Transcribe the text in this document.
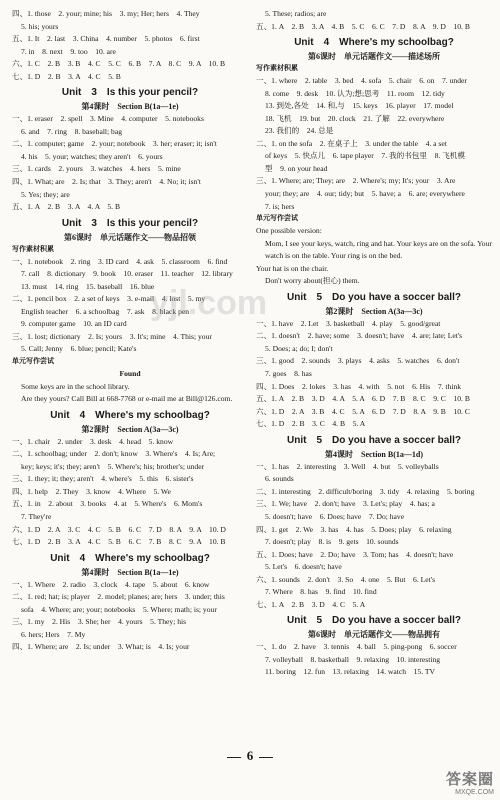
四、1. those　2. your; mine; his　3. my; Her; hers　4. They
5. his; yours
五、1. It　2. last　3. China　4. number　5. photos　6. first
7. in　8. next　9. too　10. are
六、1. C　2. B　3. B　4. C　5. C　6. B　7. A　8. C　9. A　10. B
七、1. D　2. B　3. A　4. C　5. B
Unit　3　Is this your pencil?
第4课时　Section B(1a—1e)
一、1. eraser　2. spell　3. Mine　4. computer　5. notebooks
6. and　7. ring　8. baseball; bag
二、1. computer; game　2. your; notebook　3. her; eraser; it; isn't
4. his　5. your; watches; they aren't　6. yours
三、1. cards　2. yours　3. watches　4. hers　5. mine
四、1. What; are　2. Is; that　3. They; aren't　4. No; it; isn't
5. Yes; they; are
五、1. A　2. B　3. A　4. A　5. B
Unit　3　Is this your pencil?
第6课时　单元话题作文——物品招领
写作素材积累
一、1. notebook　2. ring　3. ID card　4. ask　5. classroom　6. find
7. call　8. dictionary　9. book　10. eraser　11. teacher　12. library
13. must　14. ring　15. baseball　16. blue
二、1. pencil box　2. a set of keys　3. e-mail　4. lost　5. my
English teacher　6. a schoolbag　7. ask　8. black pen
9. computer game　10. an ID card
三、1. lost; dictionary　2. Is; yours　3. It's; mine　4. This; your
5. Call; Jenny　6. blue; pencil; Kate's
单元写作尝试
Found
Some keys are in the school library.
Are they yours? Call Bill at 668-7768 or e-mail me at Bill@126.com.
Unit　4　Where's my schoolbag?
第2课时　Section A(3a—3c)
一、1. chair　2. under　3. desk　4. head　5. know
二、1. schoolbag; under　2. don't; know　3. Where's　4. Is; Are;
key; keys; it's; they; aren't　5. Where's; his; brother's; under
三、1. they; it; they; aren't　4. where's　5. this　6. sister's
四、1. help　2. They　3. know　4. Where　5. We
五、1. in　2. about　3. books　4. at　5. Where's　6. Mom's
7. They're
六、1. D　2. A　3. C　4. C　5. B　6. C　7. D　8. A　9. A　10. D
七、1. D　2. B　3. A　4. C　5. B　6. C　7. B　8. C　9. A　10. B
Unit　4　Where's my schoolbag?
第4课时　Section B(1a—1e)
一、1. Where　2. radio　3. clock　4. tape　5. about　6. know
二、1. red; hat; is; player　2. model; planes; are; hers　3. under; this
sofa　4. Where; are; your; notebooks　5. Where; math; is; your
三、1. my　2. His　3. She; her　4. yours　5. They; his
6. hers; Hers　7. My
四、1. Where; are　2. Is; under　3. What; is　4. Is; your
5. These; radios; are
五、1. A　2. B　3. A　4. B　5. C　6. C　7. D　8. A　9. D　10. B
Unit　4　Where's my schoolbag?
第6课时　单元话题作文——描述场所
写作素材积累
一、1. where　2. table　3. bed　4. sofa　5. chair　6. on　7. under
8. come　9. desk　10. 认为;想;思考　11. room　12. tidy
13. 到处,各处　14. 和,与　15. keys　16. player　17. model
18. 飞机　19. but　20. clock　21. 了解　22. everywhere
23. 我们的　24. 总是
二、1. on the sofa　2. 在桌子上　3. under the table　4. a set
of keys　5. 快点儿　6. tape player　7. 我的书包里　8. 飞机模
型　9. on your head
三、1. Where; are; They; are　2. Where's; my; It's; your　3. Are
your; they; are　4. our; tidy; but　5. have; a　6. are; everywhere
7. is; hers
单元写作尝试
One possible version:
Mom, I see your keys, watch, ring and hat. Your keys are on the sofa. Your watch is on the table. Your ring is on the bed.
Your hat is on the chair.
Don't worry about(担心) them.
Unit　5　Do you have a soccer ball?
第2课时　Section A(3a—3c)
一、1. have　2. Let　3. basketball　4. play　5. good/great
二、1. doesn't　2. have; some　3. doesn't; have　4. are; late; Let's
5. Does; a; do; I; don't
三、1. good　2. sounds　3. plays　4. asks　5. watches　6. don't
7. goes　8. has
四、1. Does　2. lokes　3. has　4. with　5. not　6. His　7. think
五、1. A　2. B　3. D　4. A　5. A　6. D　7. B　8. C　9. C　10. B
六、1. D　2. A　3. B　4. C　5. A　6. D　7. D　8. A　9. B　10. C
七、1. D　2. B　3. C　4. B　5. A
Unit　5　Do you have a soccer ball?
第4课时　Section B(1a—1d)
一、1. has　2. interesting　3. Well　4. but　5. volleyballs
6. sounds
二、1. interesting　2. difficult/boring　3. tidy　4. relaxing　5. boring
三、1. We; have　2. don't; have　3. Let's; play　4. has; a
5. doesn't; have　6. Does; have　7. Do; have
四、1. get　2. We　3. has　4. has　5. Does; play　6. relaxing
7. doesn't; play　8. is　9. gets　10. sounds
五、1. Does; have　2. Do; have　3. Tom; has　4. doesn't; have
5. Let's　6. doesn't; have
六、1. sounds　2. don't　3. So　4. one　5. But　6. Let's
7. Where　8. has　9. find　10. find
七、1. A　2. B　3. D　4. C　5. A
Unit　5　Do you have a soccer ball?
第6课时　单元话题作文——物品拥有
一、1. do　2. have　3. tennis　4. ball　5. ping-pong　6. soccer
7. volleyball　8. basketball　9. relaxing　10. interesting
11. boring　12. fun　13. relaxing　14. watch　15. TV
yjl.com
6
答案圈
MXQE.COM
